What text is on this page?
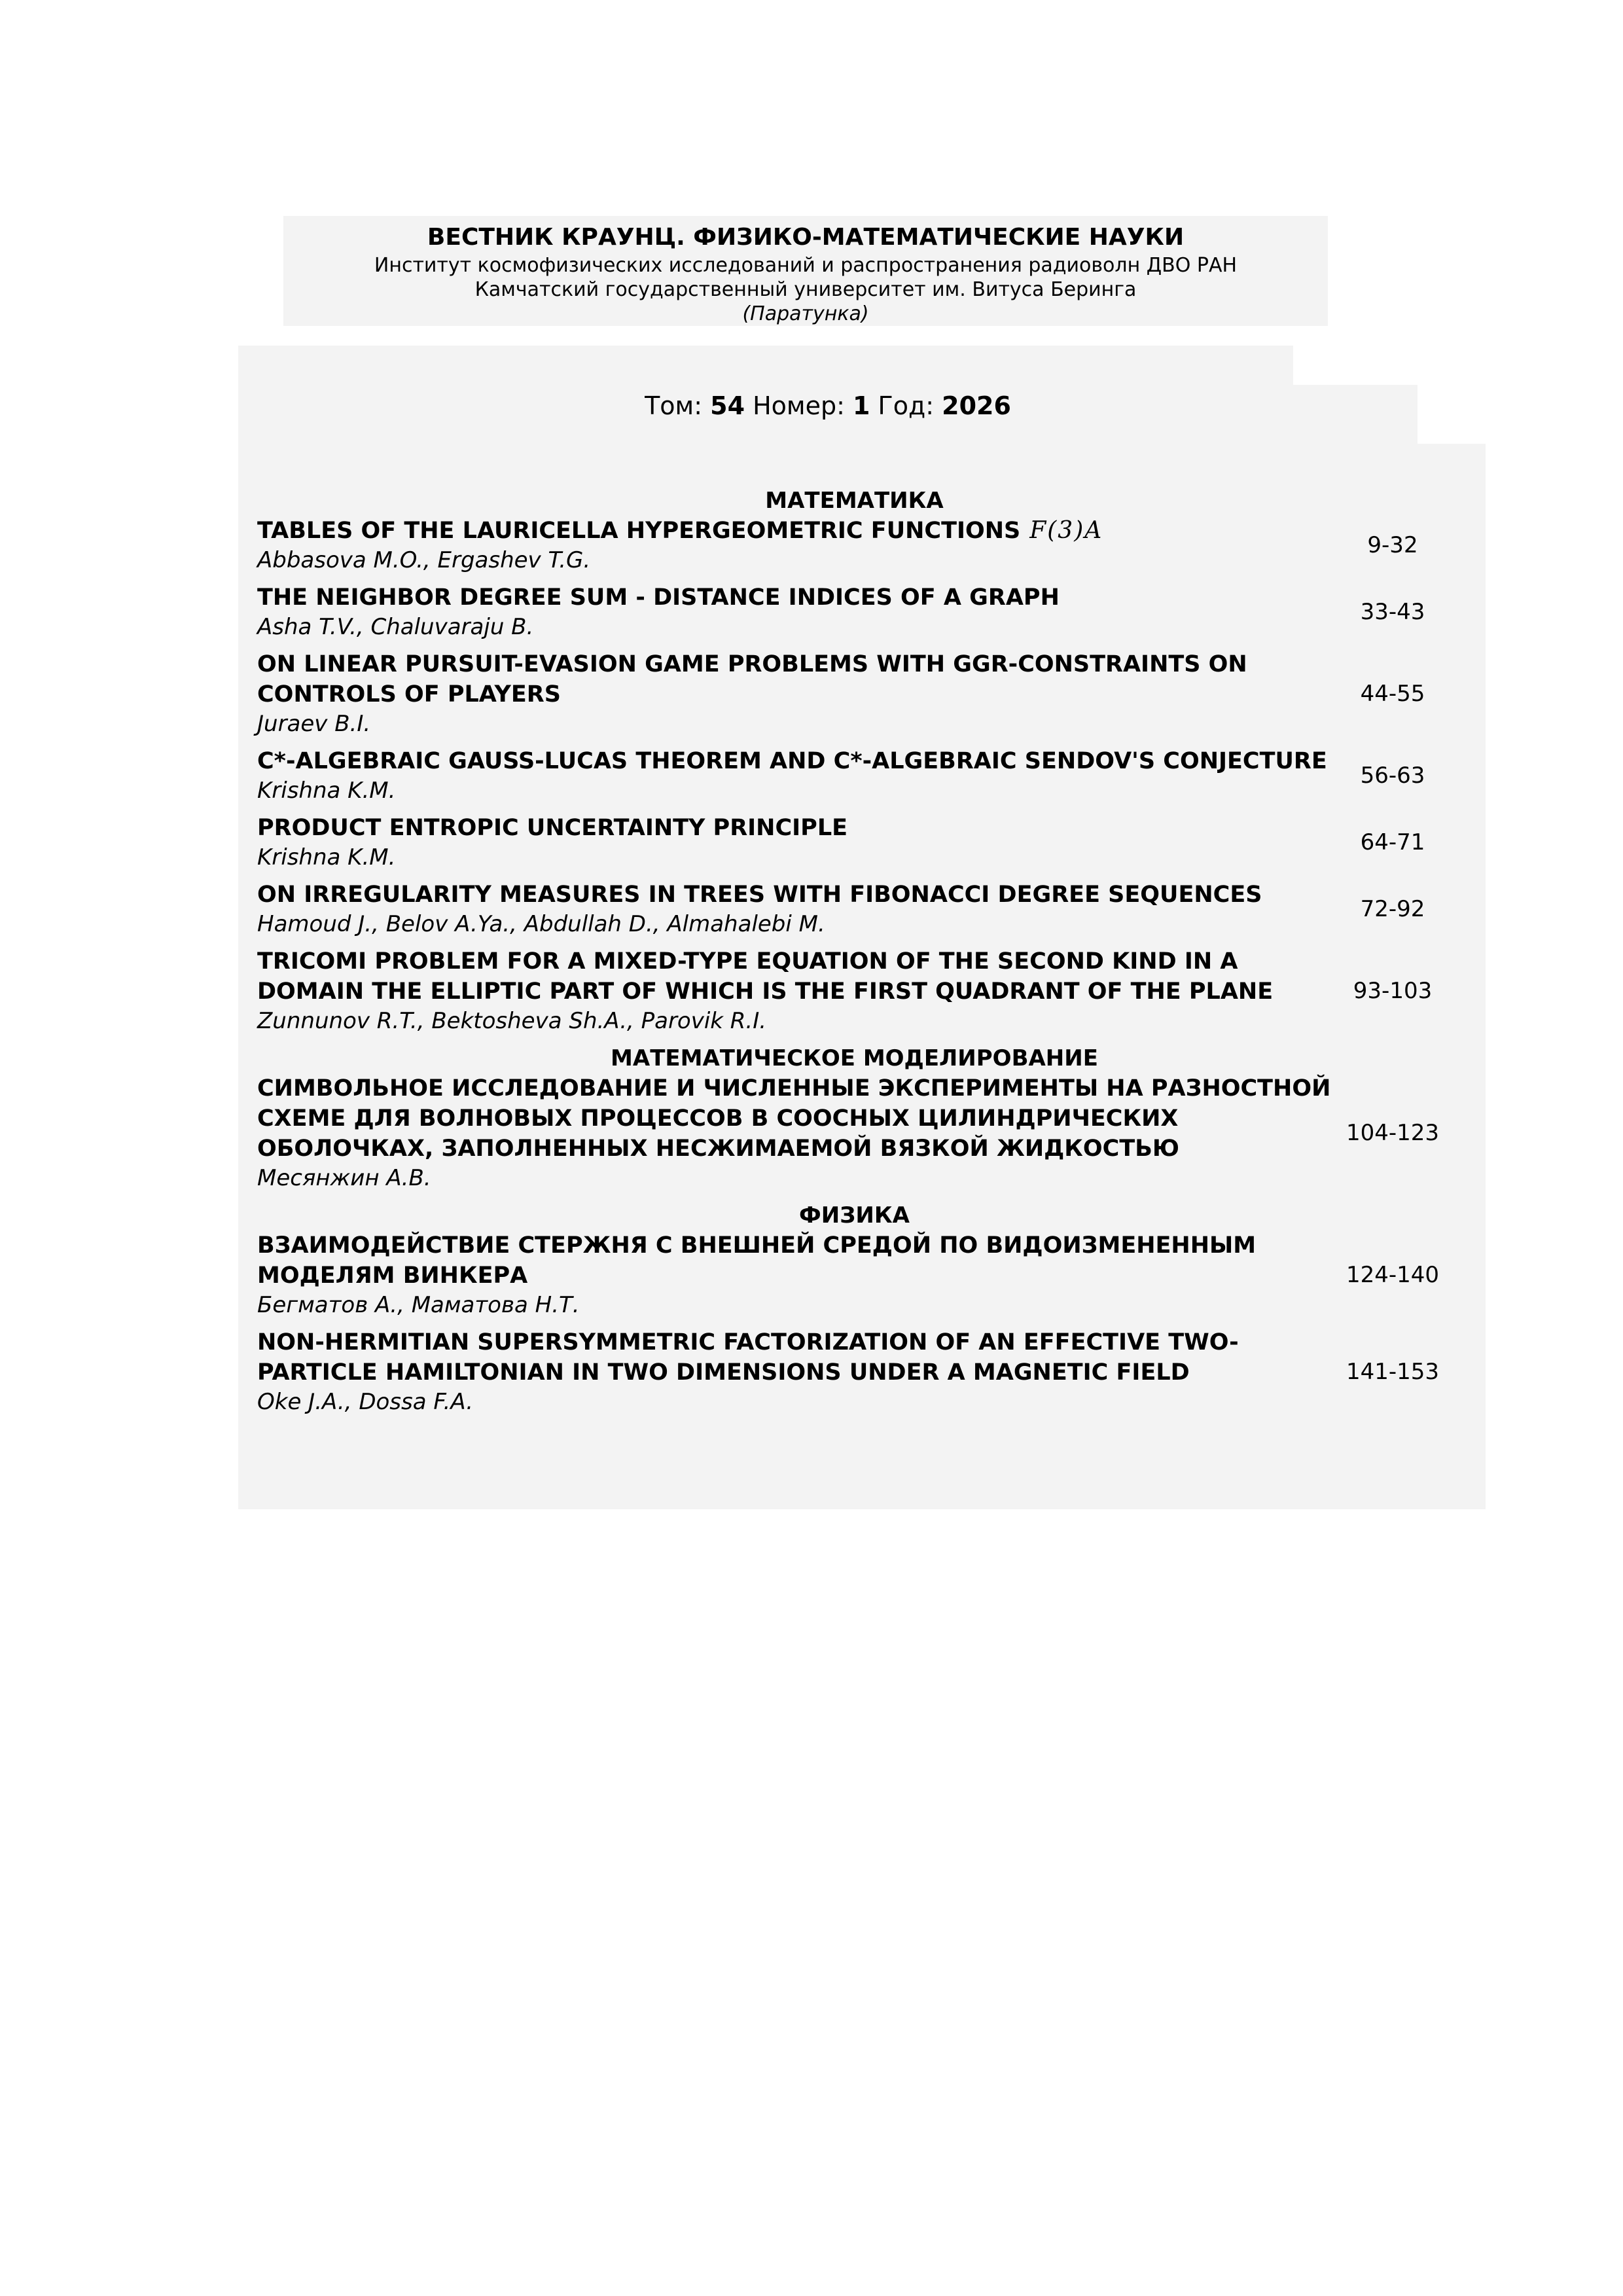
ВЕСТНИК КРАУНЦ. ФИЗИКО-МАТЕМАТИЧЕСКИЕ НАУКИ
Институт космофизических исследований и распространения радиоволн ДВО РАН
Камчатский государственный университет им. Витуса Беринга
(Паратунка)
Том: 54 Номер: 1 Год: 2026
МАТЕМАТИКА
TABLES OF THE LAURICELLA HYPERGEOMETRIC FUNCTIONS F(3)A
Abbasova M.O., Ergashev T.G.
9-32
THE NEIGHBOR DEGREE SUM - DISTANCE INDICES OF A GRAPH
Asha T.V., Chaluvaraju B.
33-43
ON LINEAR PURSUIT-EVASION GAME PROBLEMS WITH GGR-CONSTRAINTS ON CONTROLS OF PLAYERS
Juraev B.I.
44-55
C*-ALGEBRAIC GAUSS-LUCAS THEOREM AND C*-ALGEBRAIC SENDOV'S CONJECTURE
Krishna K.M.
56-63
PRODUCT ENTROPIC UNCERTAINTY PRINCIPLE
Krishna K.M.
64-71
ON IRREGULARITY MEASURES IN TREES WITH FIBONACCI DEGREE SEQUENCES
Hamoud J., Belov A.Ya., Abdullah D., Almahalebi M.
72-92
TRICOMI PROBLEM FOR A MIXED-TYPE EQUATION OF THE SECOND KIND IN A DOMAIN THE ELLIPTIC PART OF WHICH IS THE FIRST QUADRANT OF THE PLANE
Zunnunov R.T., Bektosheva Sh.A., Parovik R.I.
93-103
МАТЕМАТИЧЕСКОЕ МОДЕЛИРОВАНИЕ
СИМВОЛЬНОЕ ИССЛЕДОВАНИЕ И ЧИСЛЕННЫЕ ЭКСПЕРИМЕНТЫ НА РАЗНОСТНОЙ СХЕМЕ ДЛЯ ВОЛНОВЫХ ПРОЦЕССОВ В СООСНЫХ ЦИЛИНДРИЧЕСКИХ ОБОЛОЧКАХ, ЗАПОЛНЕННЫХ НЕСЖИМАЕМОЙ ВЯЗКОЙ ЖИДКОСТЬЮ
Месянжин А.В.
104-123
ФИЗИКА
ВЗАИМОДЕЙСТВИЕ СТЕРЖНЯ С ВНЕШНЕЙ СРЕДОЙ ПО ВИДОИЗМЕНЕННЫМ МОДЕЛЯМ ВИНКЕРА
Бегматов А., Маматова Н.Т.
124-140
NON-HERMITIAN SUPERSYMMETRIC FACTORIZATION OF AN EFFECTIVE TWO-PARTICLE HAMILTONIAN IN TWO DIMENSIONS UNDER A MAGNETIC FIELD
Oke J.A., Dossa F.A.
141-153
